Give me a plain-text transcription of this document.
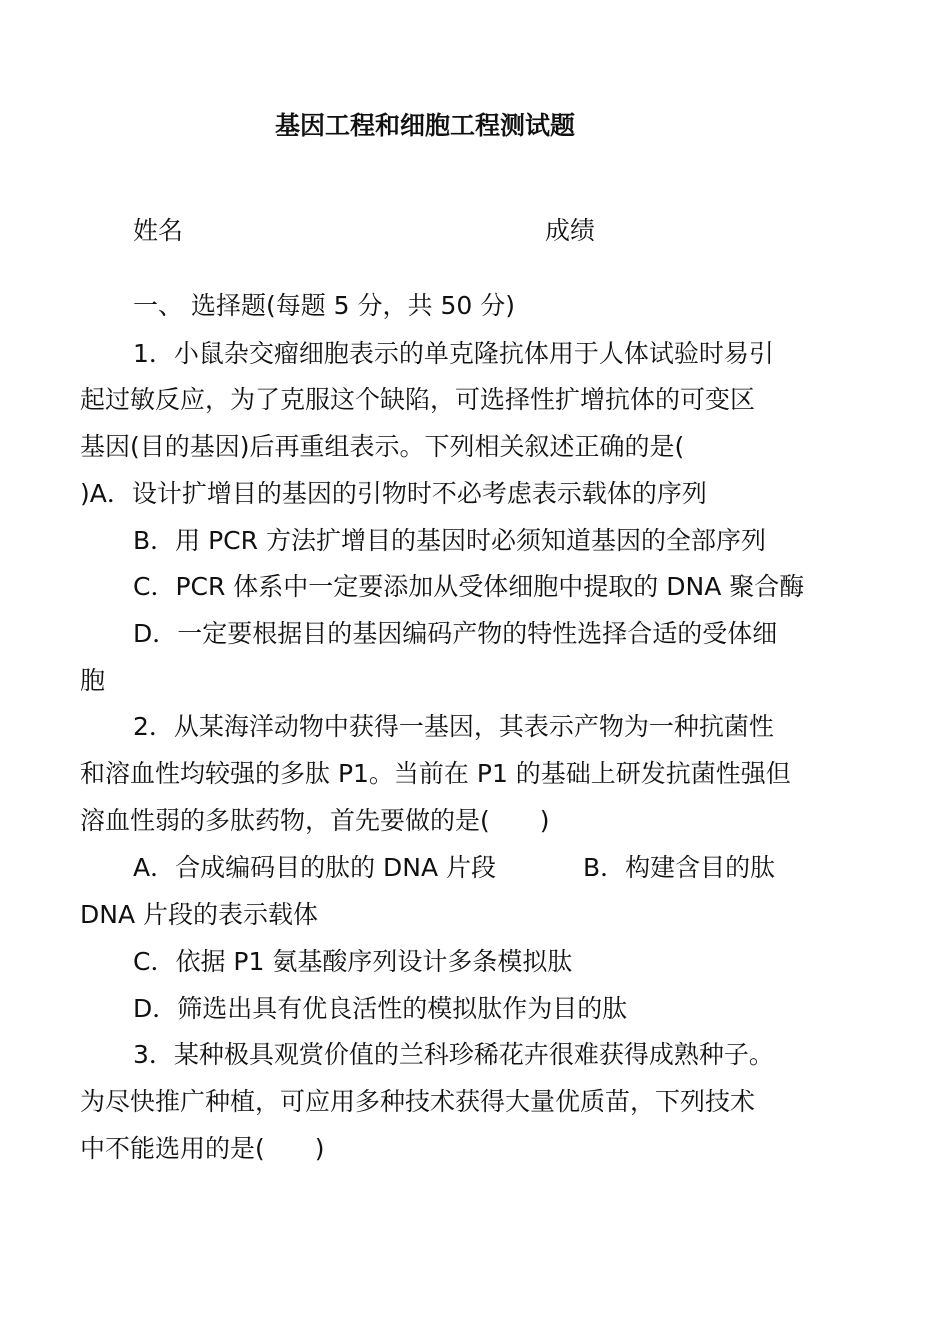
基因工程和细胞工程测试题
姓名	成绩
一、 选择题(每题 5 分，共 50 分)
1．小鼠杂交瘤细胞表示的单克隆抗体用于人体试验时易引
起过敏反应，为了克服这个缺陷，可选择性扩增抗体的可变区
基因(目的基因)后再重组表示。下列相关叙述正确的是(
)A．设计扩增目的基因的引物时不必考虑表示载体的序列
B．用 PCR 方法扩增目的基因时必须知道基因的全部序列
C．PCR 体系中一定要添加从受体细胞中提取的 DNA 聚合酶
D．一定要根据目的基因编码产物的特性选择合适的受体细
胞
2．从某海洋动物中获得一基因，其表示产物为一种抗菌性
和溶血性均较强的多肽 P1。当前在 P1 的基础上研发抗菌性强但
溶血性弱的多肽药物，首先要做的是(　　)
A．合成编码目的肽的 DNA 片段	B．构建含目的肽
DNA 片段的表示载体
C．依据 P1 氨基酸序列设计多条模拟肽
D．筛选出具有优良活性的模拟肽作为目的肽
3．某种极具观赏价值的兰科珍稀花卉很难获得成熟种子。
为尽快推广种植，可应用多种技术获得大量优质苗，下列技术
中不能选用的是(　　)
